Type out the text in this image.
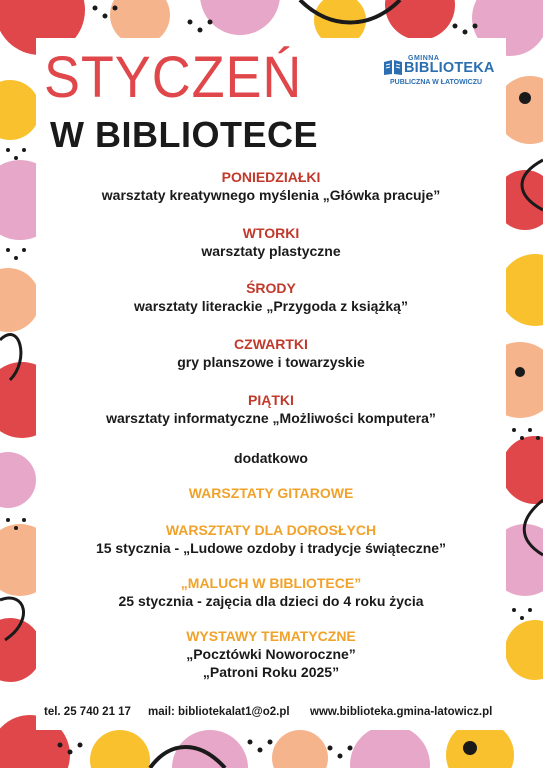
STYCZEŃ
W BIBLIOTECE
GMINNA
BIBLIOTEKA
PUBLICZNA W ŁATOWICZU

PONIEDZIAŁKI

warsztaty kreatywnego myślenia „Główka pracuje”

WTORKI

warsztaty plastyczne

ŚRODY

warsztaty literackie „Przygoda z książką”

CZWARTKI

gry planszowe i towarzyskie

PIĄTKI

warsztaty informatyczne „Możliwości komputera”

dodatkowo

WARSZTATY GITAROWE

WARSZTATY DLA DOROSŁYCH

15 stycznia - „Ludowe ozdoby i tradycje świąteczne”

„MALUCH W BIBLIOTECE”

25 stycznia - zajęcia dla dzieci do 4 roku życia

WYSTAWY TEMATYCZNE

„Pocztówki Noworoczne”

„Patroni Roku 2025”

tel. 25 740 21 17 mail: bibliotekalat1@o2.pl www.biblioteka.gmina-latowicz.pl
